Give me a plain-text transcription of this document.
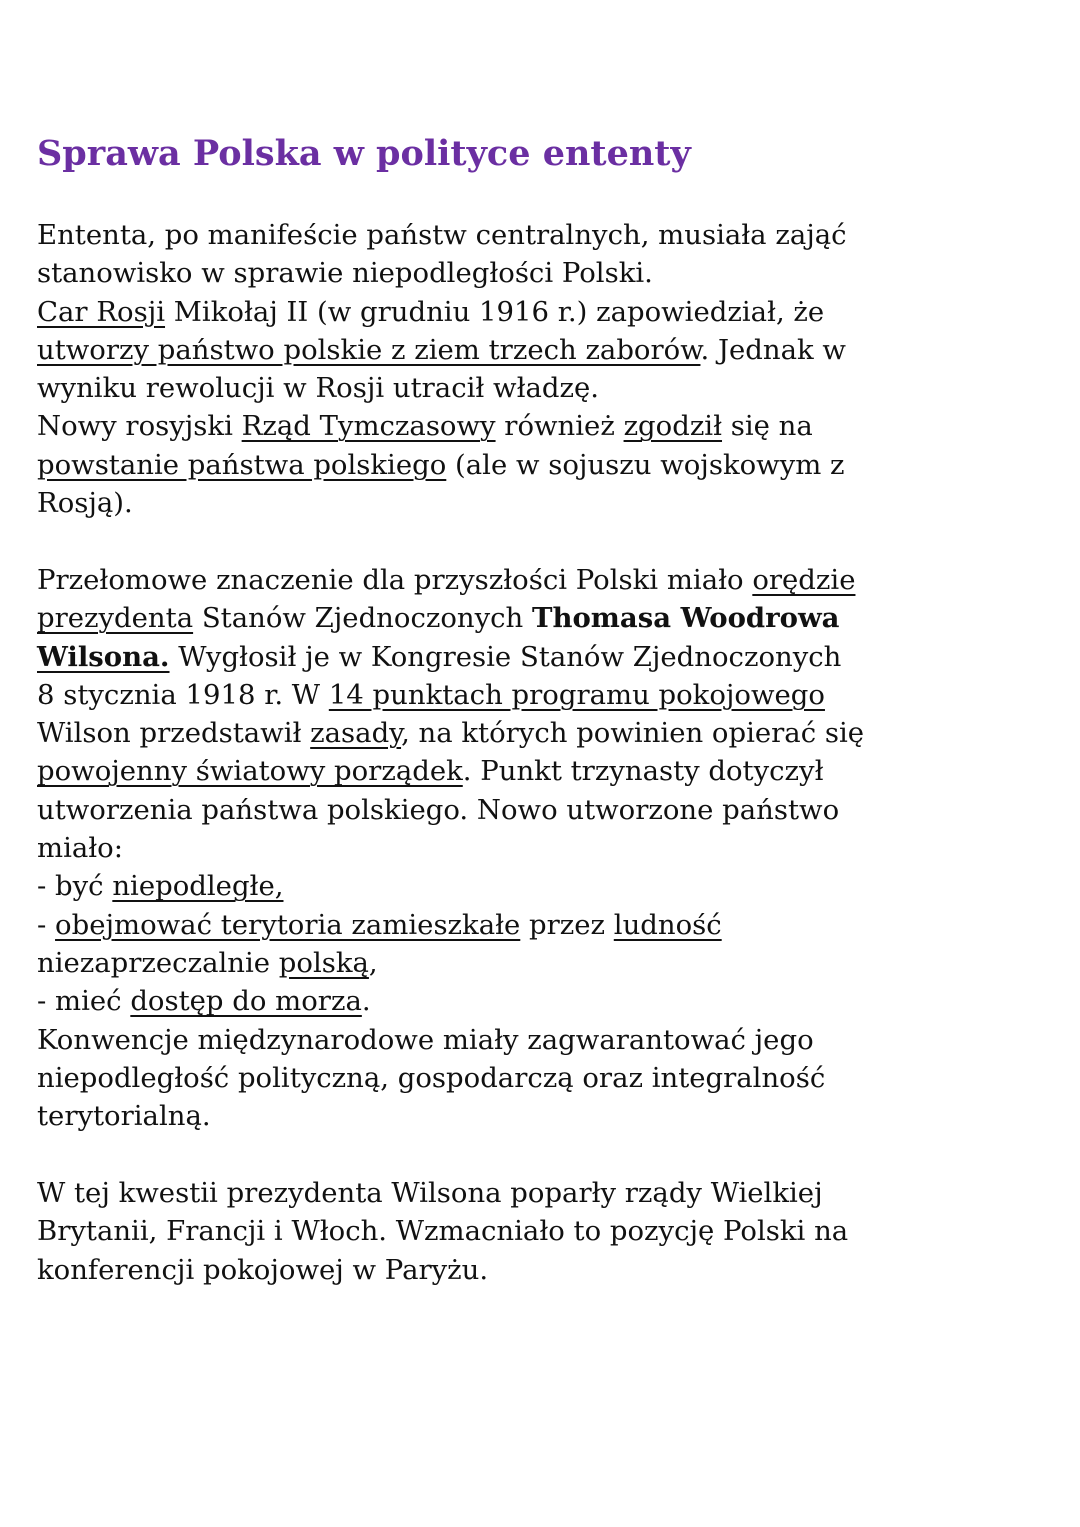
Sprawa Polska w polityce ententy
Ententa, po manifeście państw centralnych, musiała zająć
stanowisko w sprawie niepodległości Polski.
Car Rosji Mikołaj II (w grudniu 1916 r.) zapowiedział, że
utworzy państwo polskie z ziem trzech zaborów. Jednak w
wyniku rewolucji w Rosji utracił władzę.
Nowy rosyjski Rząd Tymczasowy również zgodził się na
powstanie państwa polskiego (ale w sojuszu wojskowym z
Rosją).
Przełomowe znaczenie dla przyszłości Polski miało orędzie
prezydenta Stanów Zjednoczonych Thomasa Woodrowa
Wilsona. Wygłosił je w Kongresie Stanów Zjednoczonych
8 stycznia 1918 r. W 14 punktach programu pokojowego
Wilson przedstawił zasady, na których powinien opierać się
powojenny światowy porządek. Punkt trzynasty dotyczył
utworzenia państwa polskiego. Nowo utworzone państwo
miało:
- być niepodległe,
- obejmować terytoria zamieszkałe przez ludność
niezaprzeczalnie polską,
- mieć dostęp do morza.
Konwencje międzynarodowe miały zagwarantować jego
niepodległość polityczną, gospodarczą oraz integralność
terytorialną.
W tej kwestii prezydenta Wilsona poparły rządy Wielkiej
Brytanii, Francji i Włoch. Wzmacniało to pozycję Polski na
konferencji pokojowej w Paryżu.
